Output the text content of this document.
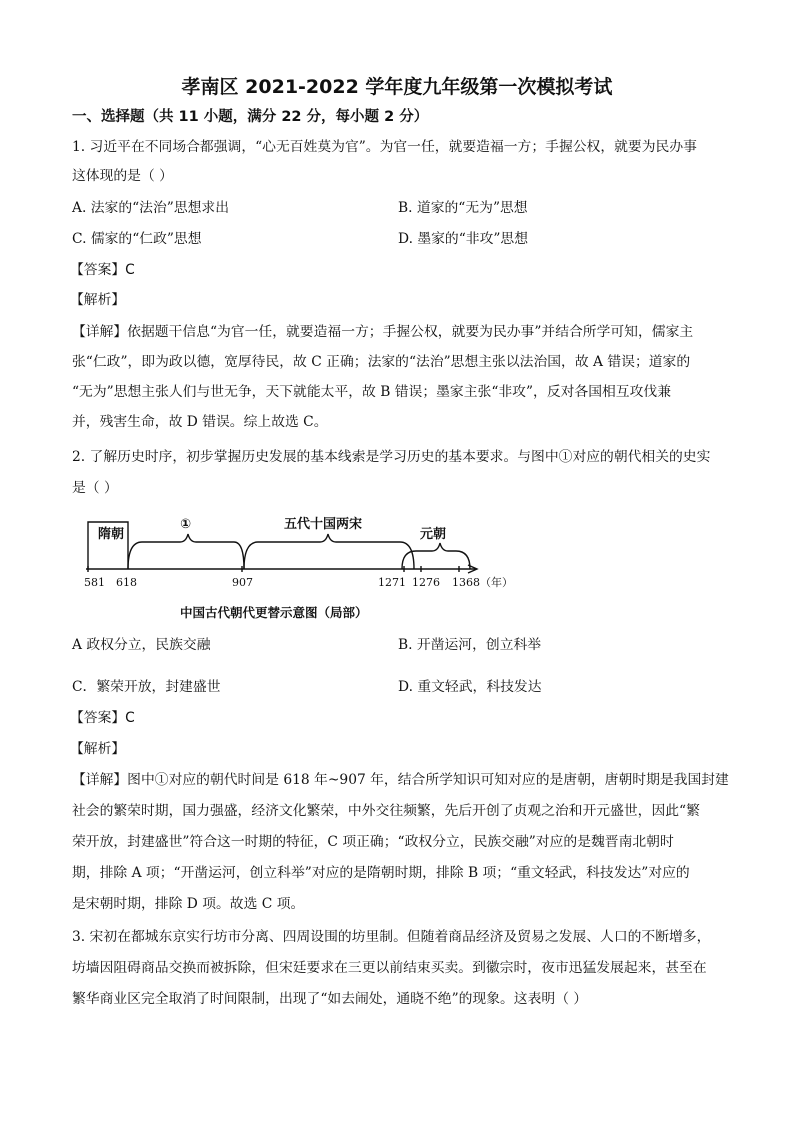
孝南区 2021-2022 学年度九年级第一次模拟考试
一、选择题（共 11 小题，满分 22 分，每小题 2 分）
1. 习近平在不同场合都强调，“心无百姓莫为官”。为官一任，就要造福一方；手握公权，就要为民办事
这体现的是（ ）
A. 法家的“法治”思想求出	B. 道家的“无为”思想
C. 儒家的“仁政”思想	D. 墨家的“非攻”思想
【答案】C
【解析】
【详解】依据题干信息“为官一任，就要造福一方；手握公权，就要为民办事”并结合所学可知，儒家主
张“仁政”，即为政以德，宽厚待民，故 C 正确；法家的“法治”思想主张以法治国，故 A 错误；道家的
“无为”思想主张人们与世无争，天下就能太平，故 B 错误；墨家主张“非攻”，反对各国相互攻伐兼
并，残害生命，故 D 错误。综上故选 C。
2. 了解历史时序，初步掌握历史发展的基本线索是学习历史的基本要求。与图中①对应的朝代相关的史实
是（ ）
隋朝
①	五代十国两宋
元朝
581 618	907	1271 1276 1368（年）
中国古代朝代更替示意图（局部）
A 政权分立，民族交融	B. 开凿运河，创立科举
C．繁荣开放，封建盛世	D. 重文轻武，科技发达
【答案】C
【解析】
【详解】图中①对应的朝代时间是 618 年~907 年，结合所学知识可知对应的是唐朝，唐朝时期是我国封建
社会的繁荣时期，国力强盛，经济文化繁荣，中外交往频繁，先后开创了贞观之治和开元盛世，因此“繁
荣开放，封建盛世”符合这一时期的特征，C 项正确；“政权分立，民族交融”对应的是魏晋南北朝时
期，排除 A 项；“开凿运河，创立科举”对应的是隋朝时期，排除 B 项；“重文轻武，科技发达”对应的
是宋朝时期，排除 D 项。故选 C 项。
3. 宋初在都城东京实行坊市分离、四周设围的坊里制。但随着商品经济及贸易之发展、人口的不断增多，
坊墙因阻碍商品交换而被拆除，但宋廷要求在三更以前结束买卖。到徽宗时，夜市迅猛发展起来，甚至在
繁华商业区完全取消了时间限制，出现了“如去闹处，通晓不绝”的现象。这表明（ ）
